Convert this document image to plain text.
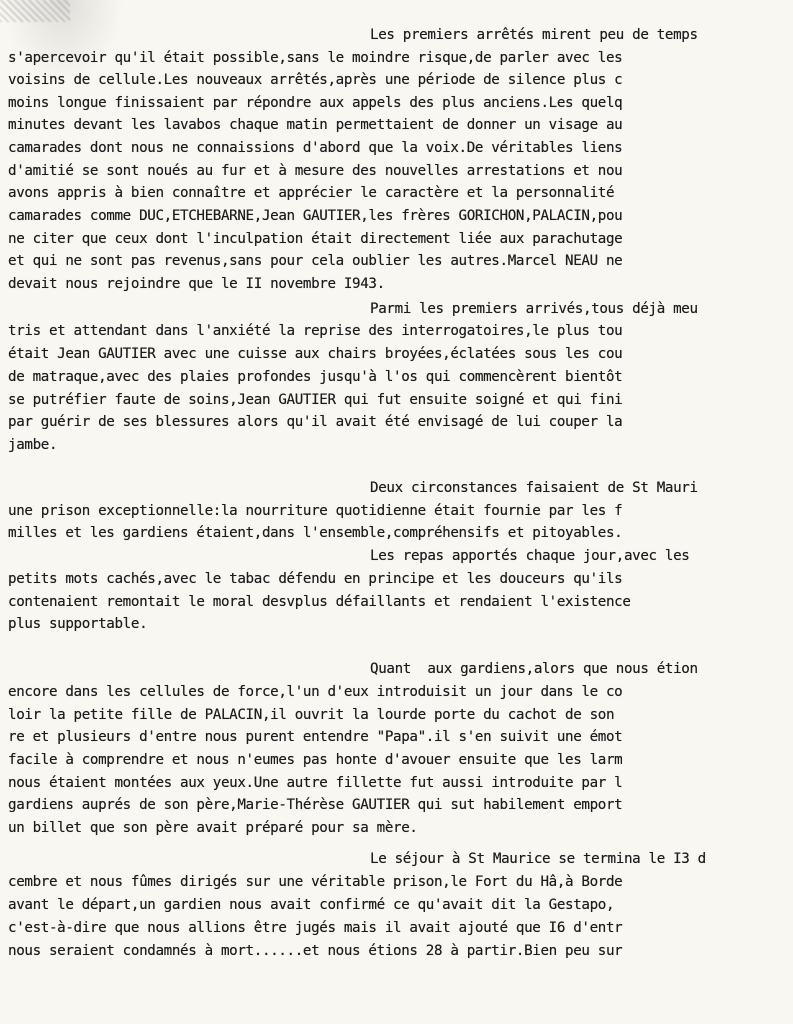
Les premiers arrêtés mirent peu de temps
s'apercevoir qu'il était possible,sans le moindre risque,de parler avec les
voisins de cellule.Les nouveaux arrêtés,après une période de silence plus c
moins longue finissaient par répondre aux appels des plus anciens.Les quelq
minutes devant les lavabos chaque matin permettaient de donner un visage au
camarades dont nous ne connaissions d'abord que la voix.De véritables liens
d'amitié se sont noués au fur et à mesure des nouvelles arrestations et nou
avons appris à bien connaître et apprécier le caractère et la personnalité
camarades comme DUC,ETCHEBARNE,Jean GAUTIER,les frères GORICHON,PALACIN,pou
ne citer que ceux dont l'inculpation était directement liée aux parachutage
et qui ne sont pas revenus,sans pour cela oublier les autres.Marcel NEAU ne
devait nous rejoindre que le II novembre I943.
Parmi les premiers arrivés,tous déjà meu
tris et attendant dans l'anxiété la reprise des interrogatoires,le plus tou
était Jean GAUTIER avec une cuisse aux chairs broyées,éclatées sous les cou
de matraque,avec des plaies profondes jusqu'à l'os qui commencèrent bientôt
se putréfier faute de soins,Jean GAUTIER qui fut ensuite soigné et qui fini
par guérir de ses blessures alors qu'il avait été envisagé de lui couper la
jambe.
Deux circonstances faisaient de St Mauri
une prison exceptionnelle:la nourriture quotidienne était fournie par les f
milles et les gardiens étaient,dans l'ensemble,compréhensifs et pitoyables.
Les repas apportés chaque jour,avec les
petits mots cachés,avec le tabac défendu en principe et les douceurs qu'ils
contenaient remontait le moral desvplus défaillants et rendaient l'existence
plus supportable.
Quant  aux gardiens,alors que nous étion
encore dans les cellules de force,l'un d'eux introduisit un jour dans le co
loir la petite fille de PALACIN,il ouvrit la lourde porte du cachot de son
re et plusieurs d'entre nous purent entendre "Papa".il s'en suivit une émot
facile à comprendre et nous n'eumes pas honte d'avouer ensuite que les larm
nous étaient montées aux yeux.Une autre fillette fut aussi introduite par l
gardiens auprés de son père,Marie-Thérèse GAUTIER qui sut habilement emport
un billet que son père avait préparé pour sa mère.
Le séjour à St Maurice se termina le I3 d
cembre et nous fûmes dirigés sur une véritable prison,le Fort du Hâ,à Borde
avant le départ,un gardien nous avait confirmé ce qu'avait dit la Gestapo,
c'est-à-dire que nous allions être jugés mais il avait ajouté que I6 d'entr
nous seraient condamnés à mort......et nous étions 28 à partir.Bien peu sur
